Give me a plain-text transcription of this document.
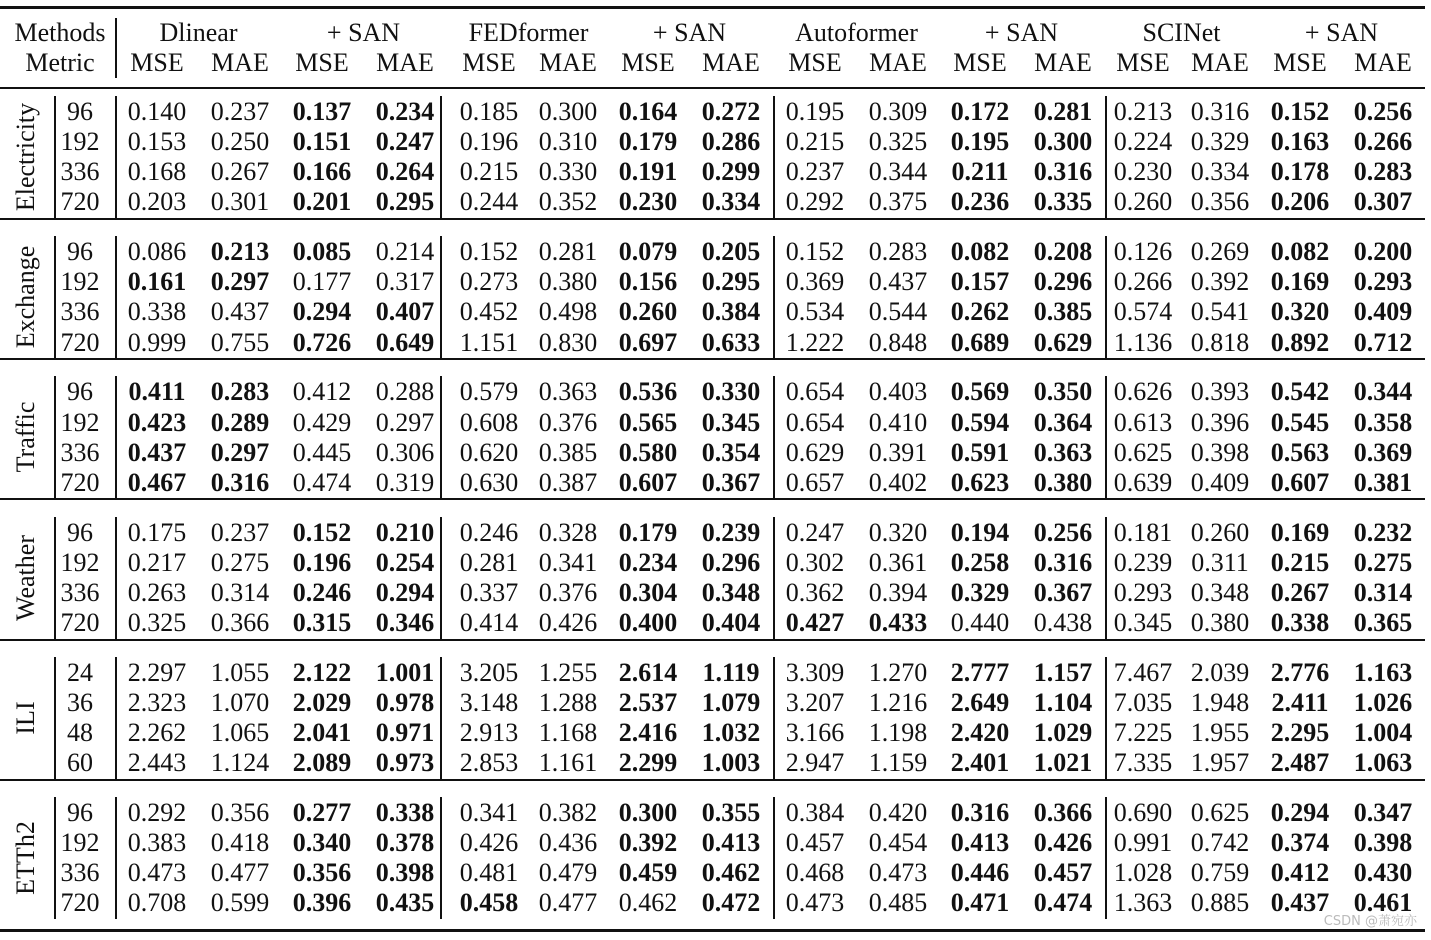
Methods
Metric
CSDN @萧宛亦
Dlinear	+ SAN	FEDformer + SAN	Autoformer	+ SAN	SCINet	+ SAN
MSE MAE MSE MAE MSE MAE MSE MAE MSE MAE MSE MAE MSE MAE MSE MAE
Electricity 96 0.140 0.237 0.137 0.234 0.185 0.300 0.164 0.272 0.195 0.309 0.172 0.281 0.213 0.316 0.152 0.256
192 0.153 0.250 0.151 0.247 0.196 0.310 0.179 0.286 0.215 0.325 0.195 0.300 0.224 0.329 0.163 0.266
336 0.168 0.267 0.166 0.264 0.215 0.330 0.191 0.299 0.237 0.344 0.211 0.316 0.230 0.334 0.178 0.283
720 0.203 0.301 0.201 0.295 0.244 0.352 0.230 0.334 0.292 0.375 0.236 0.335 0.260 0.356 0.206 0.307
Exchange 96 0.086 0.213 0.085 0.214 0.152 0.281 0.079 0.205 0.152 0.283 0.082 0.208 0.126 0.269 0.082 0.200
192 0.161 0.297 0.177 0.317 0.273 0.380 0.156 0.295 0.369 0.437 0.157 0.296 0.266 0.392 0.169 0.293
336 0.338 0.437 0.294 0.407 0.452 0.498 0.260 0.384 0.534 0.544 0.262 0.385 0.574 0.541 0.320 0.409
720 0.999 0.755 0.726 0.649 1.151 0.830 0.697 0.633 1.222 0.848 0.689 0.629 1.136 0.818 0.892 0.712
Traffic
96 0.411 0.283 0.412 0.288 0.579 0.363 0.536 0.330 0.654 0.403 0.569 0.350 0.626 0.393 0.542 0.344
192 0.423 0.289 0.429 0.297 0.608 0.376 0.565 0.345 0.654 0.410 0.594 0.364 0.613 0.396 0.545 0.358
336 0.437 0.297 0.445 0.306 0.620 0.385 0.580 0.354 0.629 0.391 0.591 0.363 0.625 0.398 0.563 0.369
720 0.467 0.316 0.474 0.319 0.630 0.387 0.607 0.367 0.657 0.402 0.623 0.380 0.639 0.409 0.607 0.381
Weather
96 0.175 0.237 0.152 0.210 0.246 0.328 0.179 0.239 0.247 0.320 0.194 0.256 0.181 0.260 0.169 0.232
192 0.217 0.275 0.196 0.254 0.281 0.341 0.234 0.296 0.302 0.361 0.258 0.316 0.239 0.311 0.215 0.275
336 0.263 0.314 0.246 0.294 0.337 0.376 0.304 0.348 0.362 0.394 0.329 0.367 0.293 0.348 0.267 0.314
720 0.325 0.366 0.315 0.346 0.414 0.426 0.400 0.404 0.427 0.433 0.440 0.438 0.345 0.380 0.338 0.365
ILI
24 2.297 1.055 2.122 1.001 3.205 1.255 2.614 1.119 3.309 1.270 2.777 1.157 7.467 2.039 2.776 1.163
36 2.323 1.070 2.029 0.978 3.148 1.288 2.537 1.079 3.207 1.216 2.649 1.104 7.035 1.948 2.411 1.026
48 2.262 1.065 2.041 0.971 2.913 1.168 2.416 1.032 3.166 1.198 2.420 1.029 7.225 1.955 2.295 1.004
60 2.443 1.124 2.089 0.973 2.853 1.161 2.299 1.003 2.947 1.159 2.401 1.021 7.335 1.957 2.487 1.063
ETTh2
96 0.292 0.356 0.277 0.338 0.341 0.382 0.300 0.355 0.384 0.420 0.316 0.366 0.690 0.625 0.294 0.347
192 0.383 0.418 0.340 0.378 0.426 0.436 0.392 0.413 0.457 0.454 0.413 0.426 0.991 0.742 0.374 0.398
336 0.473 0.477 0.356 0.398 0.481 0.479 0.459 0.462 0.468 0.473 0.446 0.457 1.028 0.759 0.412 0.430
720 0.708 0.599 0.396 0.435 0.458 0.477 0.462 0.472 0.473 0.485 0.471 0.474 1.363 0.885 0.437 0.461
